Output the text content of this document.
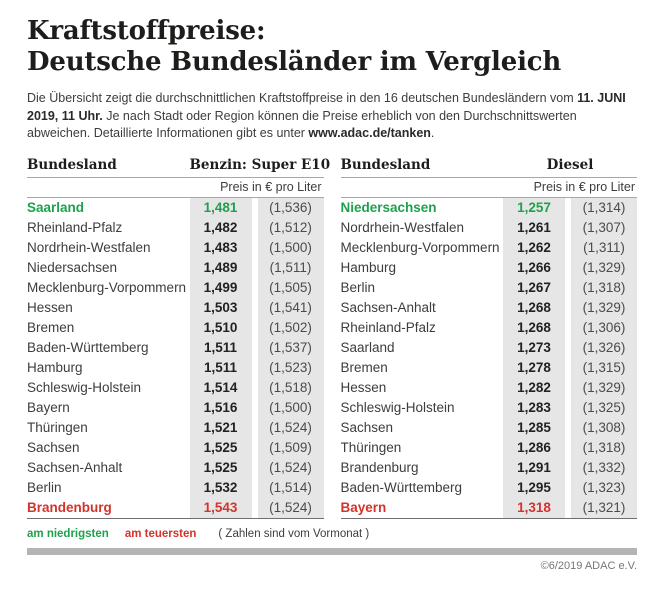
Kraftstoffpreise:
Deutsche Bundesländer im Vergleich

Die Übersicht zeigt die durchschnittlichen Kraftstoffpreise in den 16 deutschen Bundesländern vom 11. JUNI 2019, 11 Uhr. Je nach Stadt oder Region können die Preise erheblich von den Durchschnittswerten abweichen. Detaillierte Informationen gibt es unter www.adac.de/tanken.

Bundesland	Benzin: Super E10
Preis in € pro Liter
Saarland	1,481	(1,536)
Rheinland-Pfalz	1,482	(1,512)
Nordrhein-Westfalen	1,483	(1,500)
Niedersachsen	1,489	(1,511)
Mecklenburg-Vorpommern	1,499	(1,505)
Hessen	1,503	(1,541)
Bremen	1,510	(1,502)
Baden-Württemberg	1,511	(1,537)
Hamburg	1,511	(1,523)
Schleswig-Holstein	1,514	(1,518)
Bayern	1,516	(1,500)
Thüringen	1,521	(1,524)
Sachsen	1,525	(1,509)
Sachsen-Anhalt	1,525	(1,524)
Berlin	1,532	(1,514)
Brandenburg	1,543	(1,524)
Bundesland	Diesel
Preis in € pro Liter
Niedersachsen	1,257	(1,314)
Nordrhein-Westfalen	1,261	(1,307)
Mecklenburg-Vorpommern	1,262	(1,311)
Hamburg	1,266	(1,329)
Berlin	1,267	(1,318)
Sachsen-Anhalt	1,268	(1,329)
Rheinland-Pfalz	1,268	(1,306)
Saarland	1,273	(1,326)
Bremen	1,278	(1,315)
Hessen	1,282	(1,329)
Schleswig-Holstein	1,283	(1,325)
Sachsen	1,285	(1,308)
Thüringen	1,286	(1,318)
Brandenburg	1,291	(1,332)
Baden-Württemberg	1,295	(1,323)
Bayern	1,318	(1,321)
am niedrigsten am teuersten ( Zahlen sind vom Vormonat )
©6/2019 ADAC e.V.
